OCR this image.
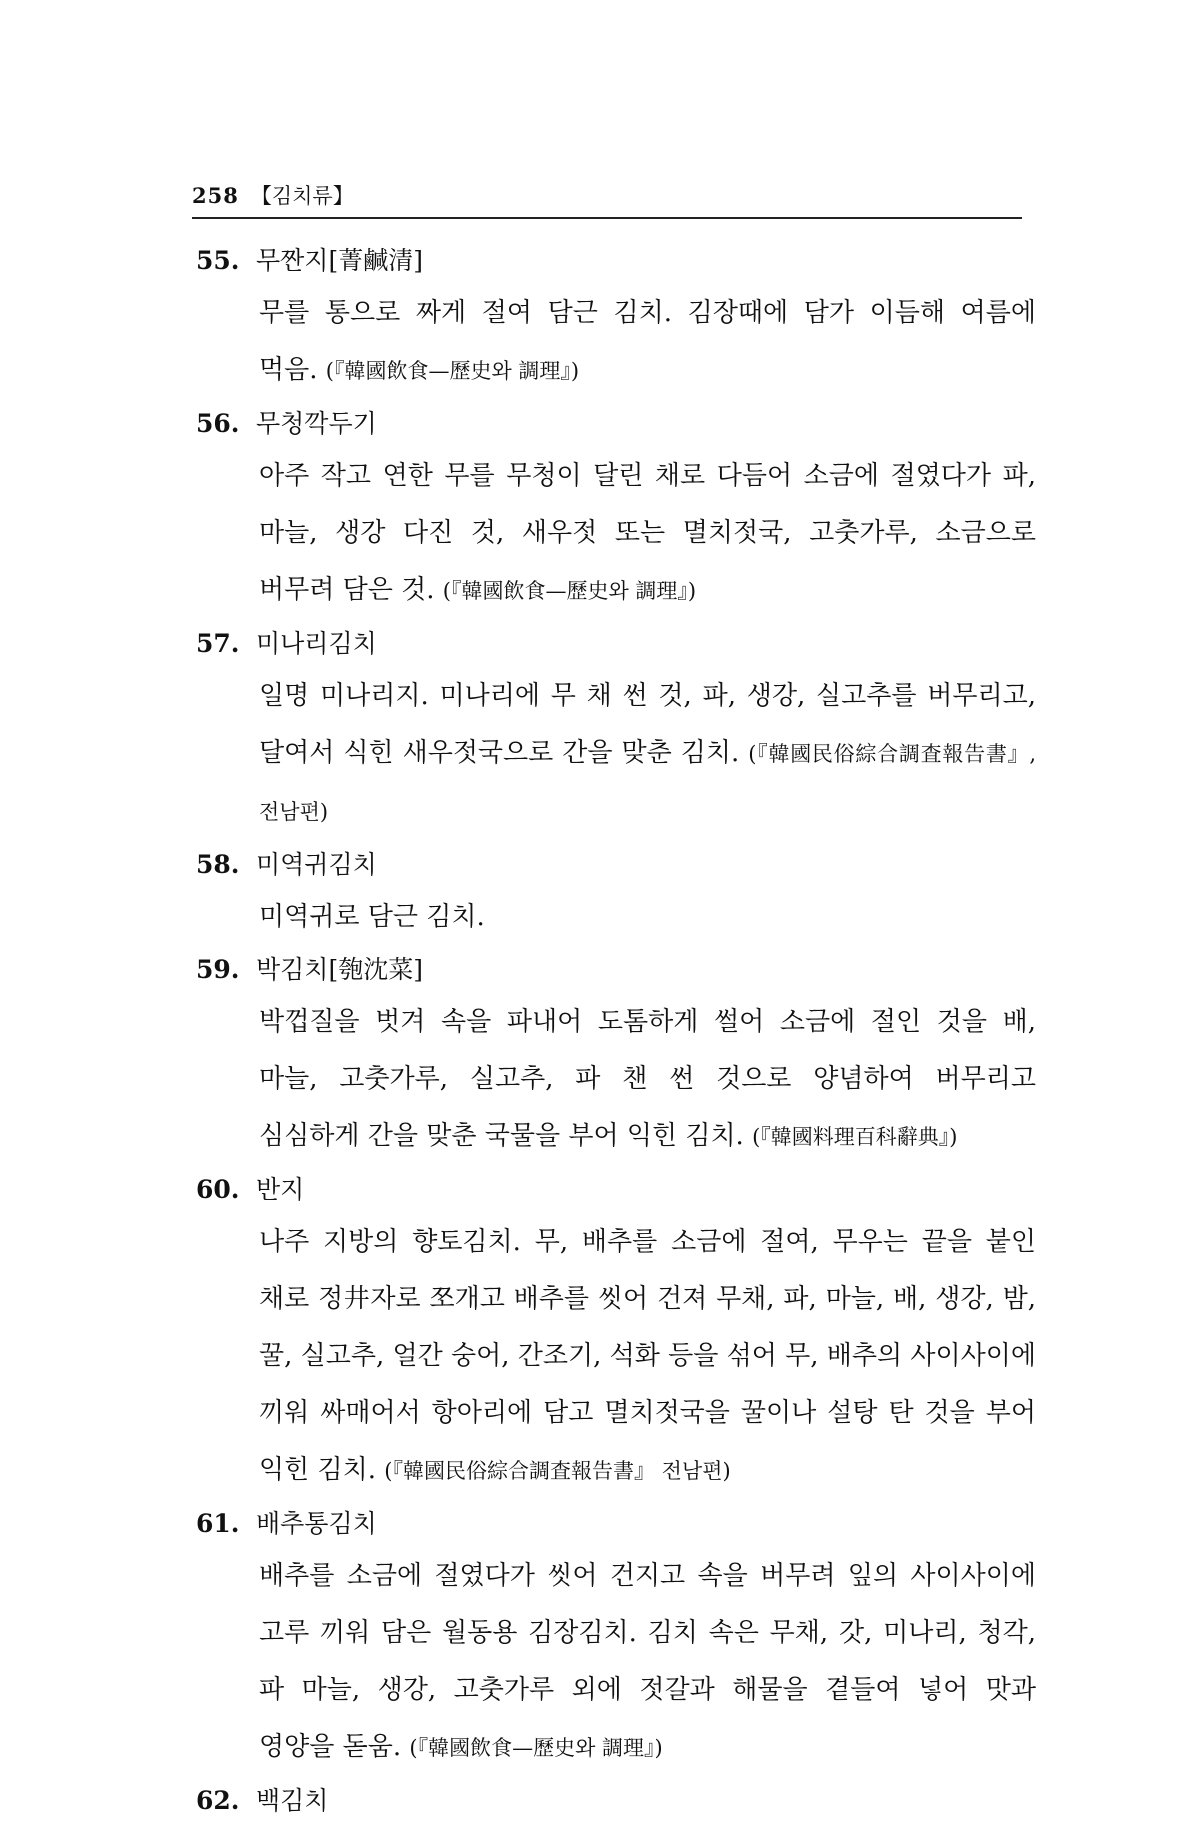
258 【김치류】
55. 무짠지[菁鹹清]
무를 통으로 짜게 절여 담근 김치. 김장때에 담가 이듬해 여름에 먹음. (『韓國飲食—歷史와 調理』)
56. 무청깍두기
아주 작고 연한 무를 무청이 달린 채로 다듬어 소금에 절였다가 파, 마늘, 생강 다진 것, 새우젓 또는 멸치젓국, 고춧가루, 소금으로 버무려 담은 것. (『韓國飲食—歷史와 調理』)
57. 미나리김치
일명 미나리지. 미나리에 무 채 썬 것, 파, 생강, 실고추를 버무리고, 달여서 식힌 새우젓국으로 간을 맞춘 김치. (『韓國民俗綜合調査報告書』, 전남편)
58. 미역귀김치
미역귀로 담근 김치.
59. 박김치[匏沈菜]
박껍질을 벗겨 속을 파내어 도톰하게 썰어 소금에 절인 것을 배, 마늘, 고춧가루, 실고추, 파 챈 썬 것으로 양념하여 버무리고 심심하게 간을 맞춘 국물을 부어 익힌 김치. (『韓國料理百科辭典』)
60. 반지
나주 지방의 향토김치. 무, 배추를 소금에 절여, 무우는 끝을 붙인 채로 정井자로 쪼개고 배추를 씻어 건져 무채, 파, 마늘, 배, 생강, 밤, 꿀, 실고추, 얼간 숭어, 간조기, 석화 등을 섞어 무, 배추의 사이사이에 끼워 싸매어서 항아리에 담고 멸치젓국을 꿀이나 설탕 탄 것을 부어 익힌 김치. (『韓國民俗綜合調査報告書』 전남편)
61. 배추통김치
배추를 소금에 절였다가 씻어 건지고 속을 버무려 잎의 사이사이에 고루 끼워 담은 월동용 김장김치. 김치 속은 무채, 갓, 미나리, 청각, 파 마늘, 생강, 고춧가루 외에 젓갈과 해물을 곁들여 넣어 맛과 영양을 돋움. (『韓國飲食—歷史와 調理』)
62. 백김치
